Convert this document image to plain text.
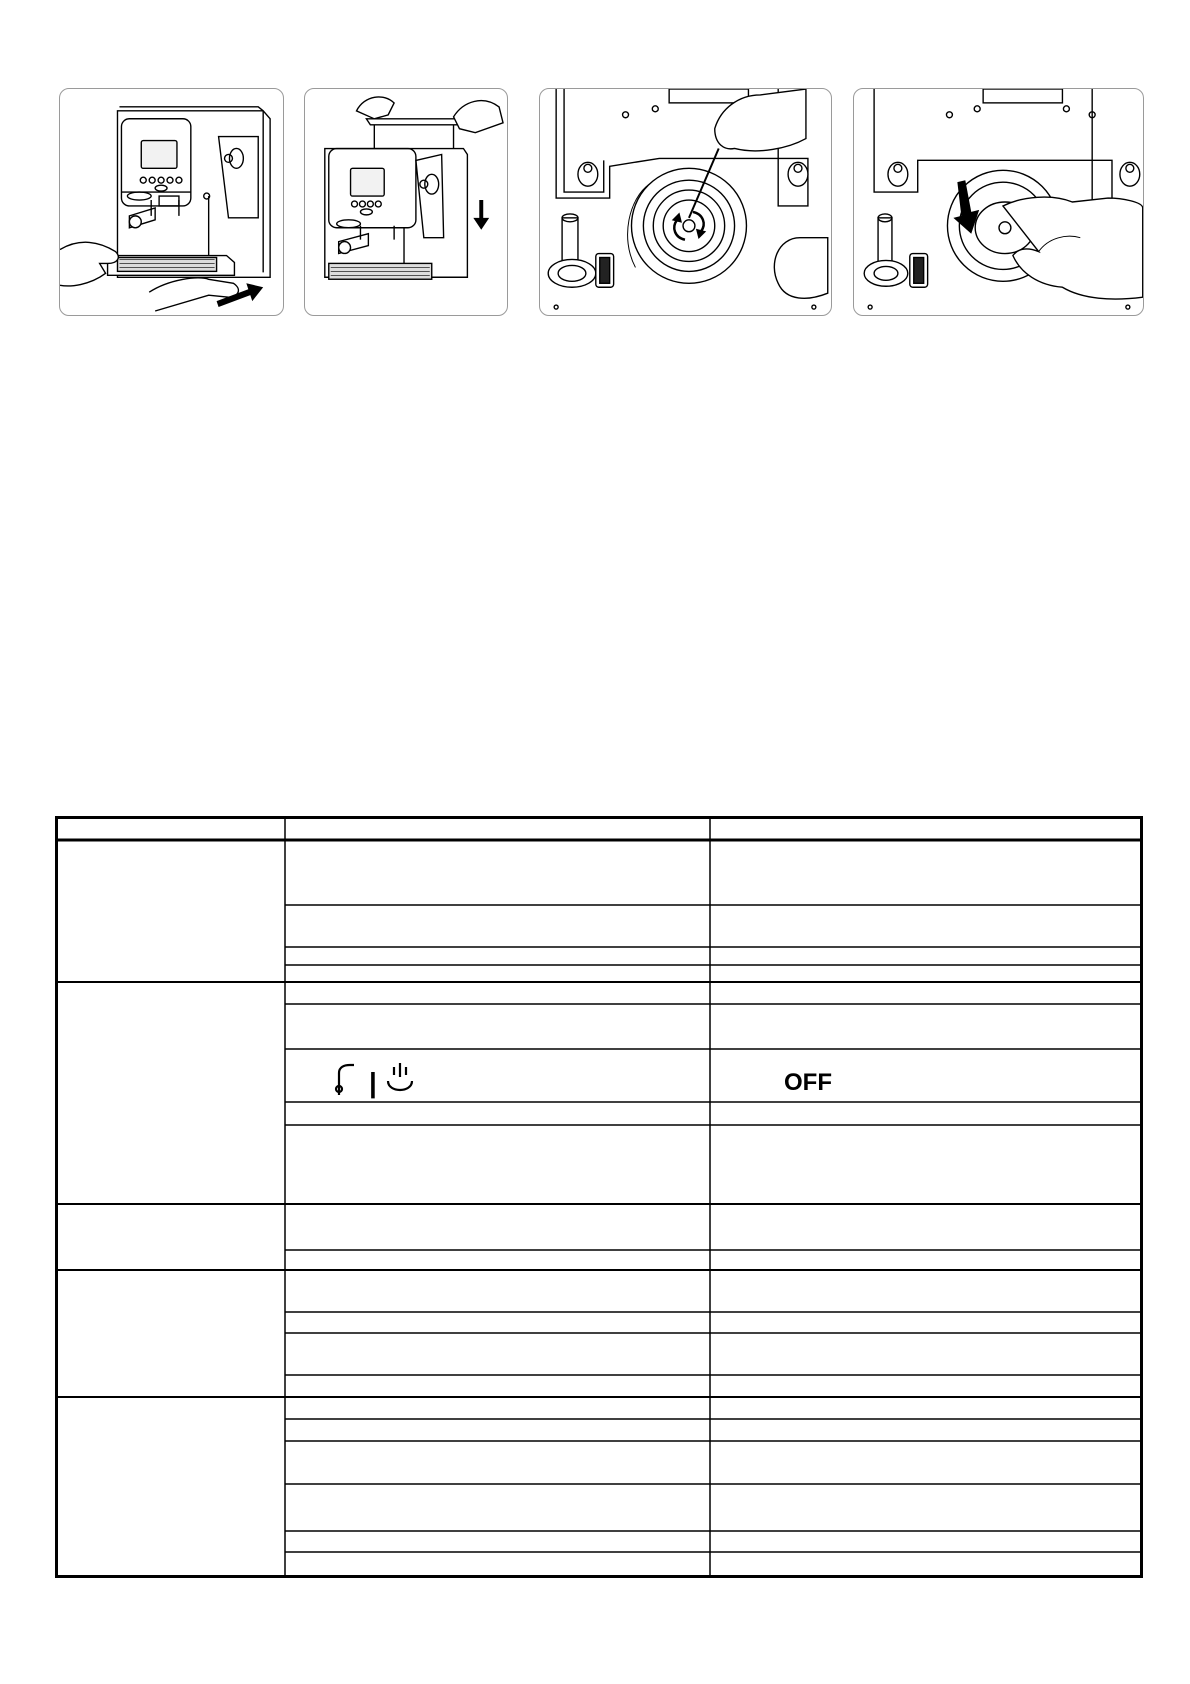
|	OFF
